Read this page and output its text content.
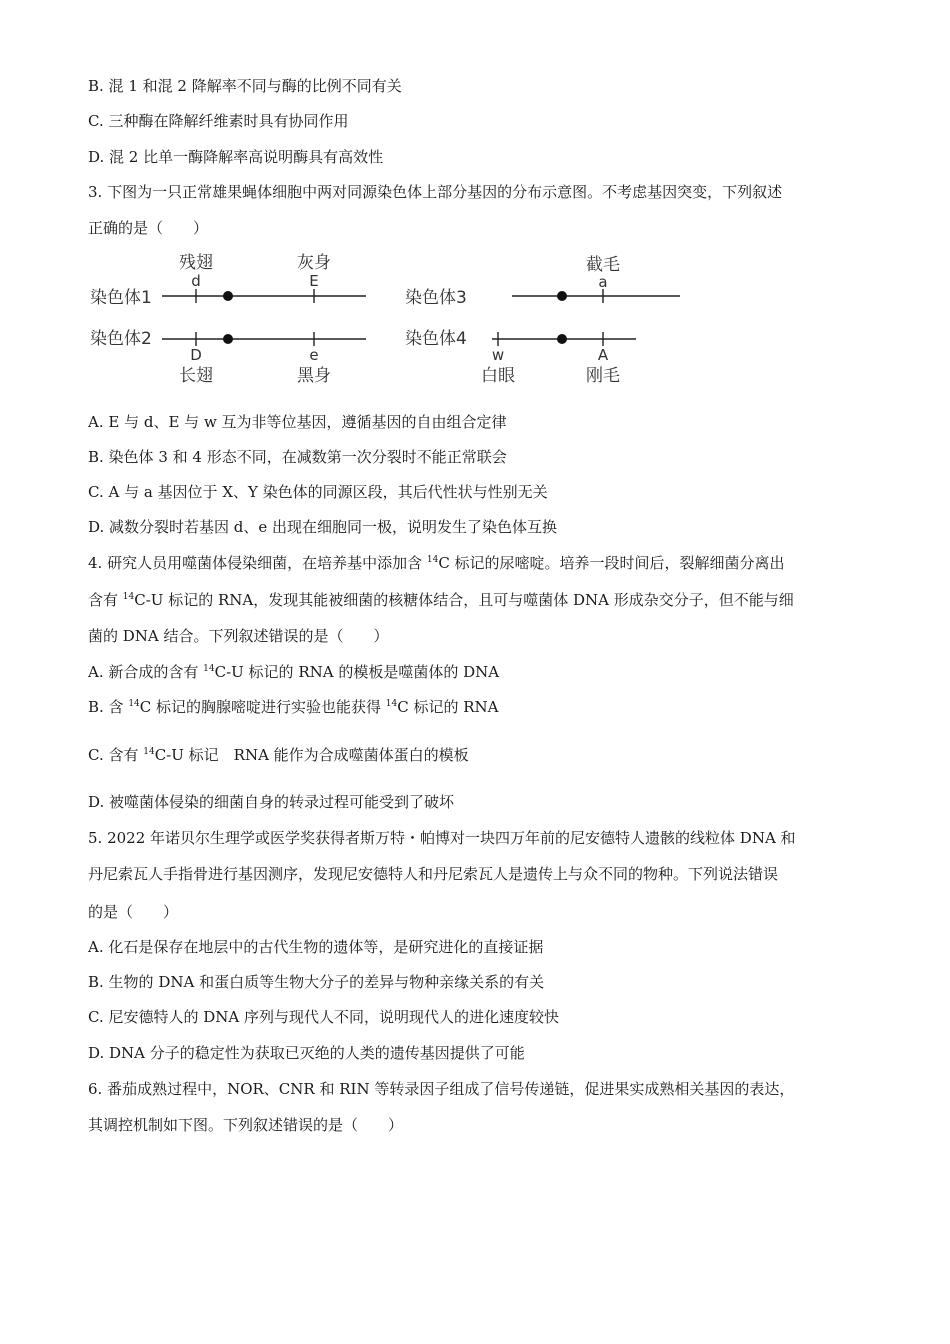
B. 混 1 和混 2 降解率不同与酶的比例不同有关
C. 三种酶在降解纤维素时具有协同作用
D. 混 2 比单一酶降解率高说明酶具有高效性
3. 下图为一只正常雄果蝇体细胞中两对同源染色体上部分基因的分布示意图。不考虑基因突变，下列叙述
正确的是（　　）
染色体1
残翅
d
灰身
E
染色体2
D
长翅
e
黑身
染色体3
截毛
a
染色体4
w
白眼
A
刚毛
A. E 与 d、E 与 w 互为非等位基因，遵循基因的自由组合定律
B. 染色体 3 和 4 形态不同，在减数第一次分裂时不能正常联会
C. A 与 a 基因位于 X、Y 染色体的同源区段，其后代性状与性别无关
D. 减数分裂时若基因 d、e 出现在细胞同一极，说明发生了染色体互换
4. 研究人员用噬菌体侵染细菌，在培养基中添加含 $^{14}$C 标记的尿嘧啶。培养一段时间后，裂解细菌分离出
含有 $^{14}$C-U 标记的 RNA，发现其能被细菌的核糖体结合，且可与噬菌体 DNA 形成杂交分子，但不能与细
菌的 DNA 结合。下列叙述错误的是（　　）
A. 新合成的含有 $^{14}$C-U 标记的 RNA 的模板是噬菌体的 DNA
B. 含 $^{14}$C 标记的胸腺嘧啶进行实验也能获得 $^{14}$C 标记的 RNA
C. 含有 $^{14}$C-U 标记　RNA 能作为合成噬菌体蛋白的模板
D. 被噬菌体侵染的细菌自身的转录过程可能受到了破坏
5. 2022 年诺贝尔生理学或医学奖获得者斯万特・帕博对一块四万年前的尼安德特人遗骸的线粒体 DNA 和
丹尼索瓦人手指骨进行基因测序，发现尼安德特人和丹尼索瓦人是遗传上与众不同的物种。下列说法错误
的是（　　）
A. 化石是保存在地层中的古代生物的遗体等，是研究进化的直接证据
B. 生物的 DNA 和蛋白质等生物大分子的差异与物种亲缘关系的有关
C. 尼安德特人的 DNA 序列与现代人不同，说明现代人的进化速度较快
D. DNA 分子的稳定性为获取已灭绝的人类的遗传基因提供了可能
6. 番茄成熟过程中，NOR、CNR 和 RIN 等转录因子组成了信号传递链，促进果实成熟相关基因的表达，
其调控机制如下图。下列叙述错误的是（　　）
